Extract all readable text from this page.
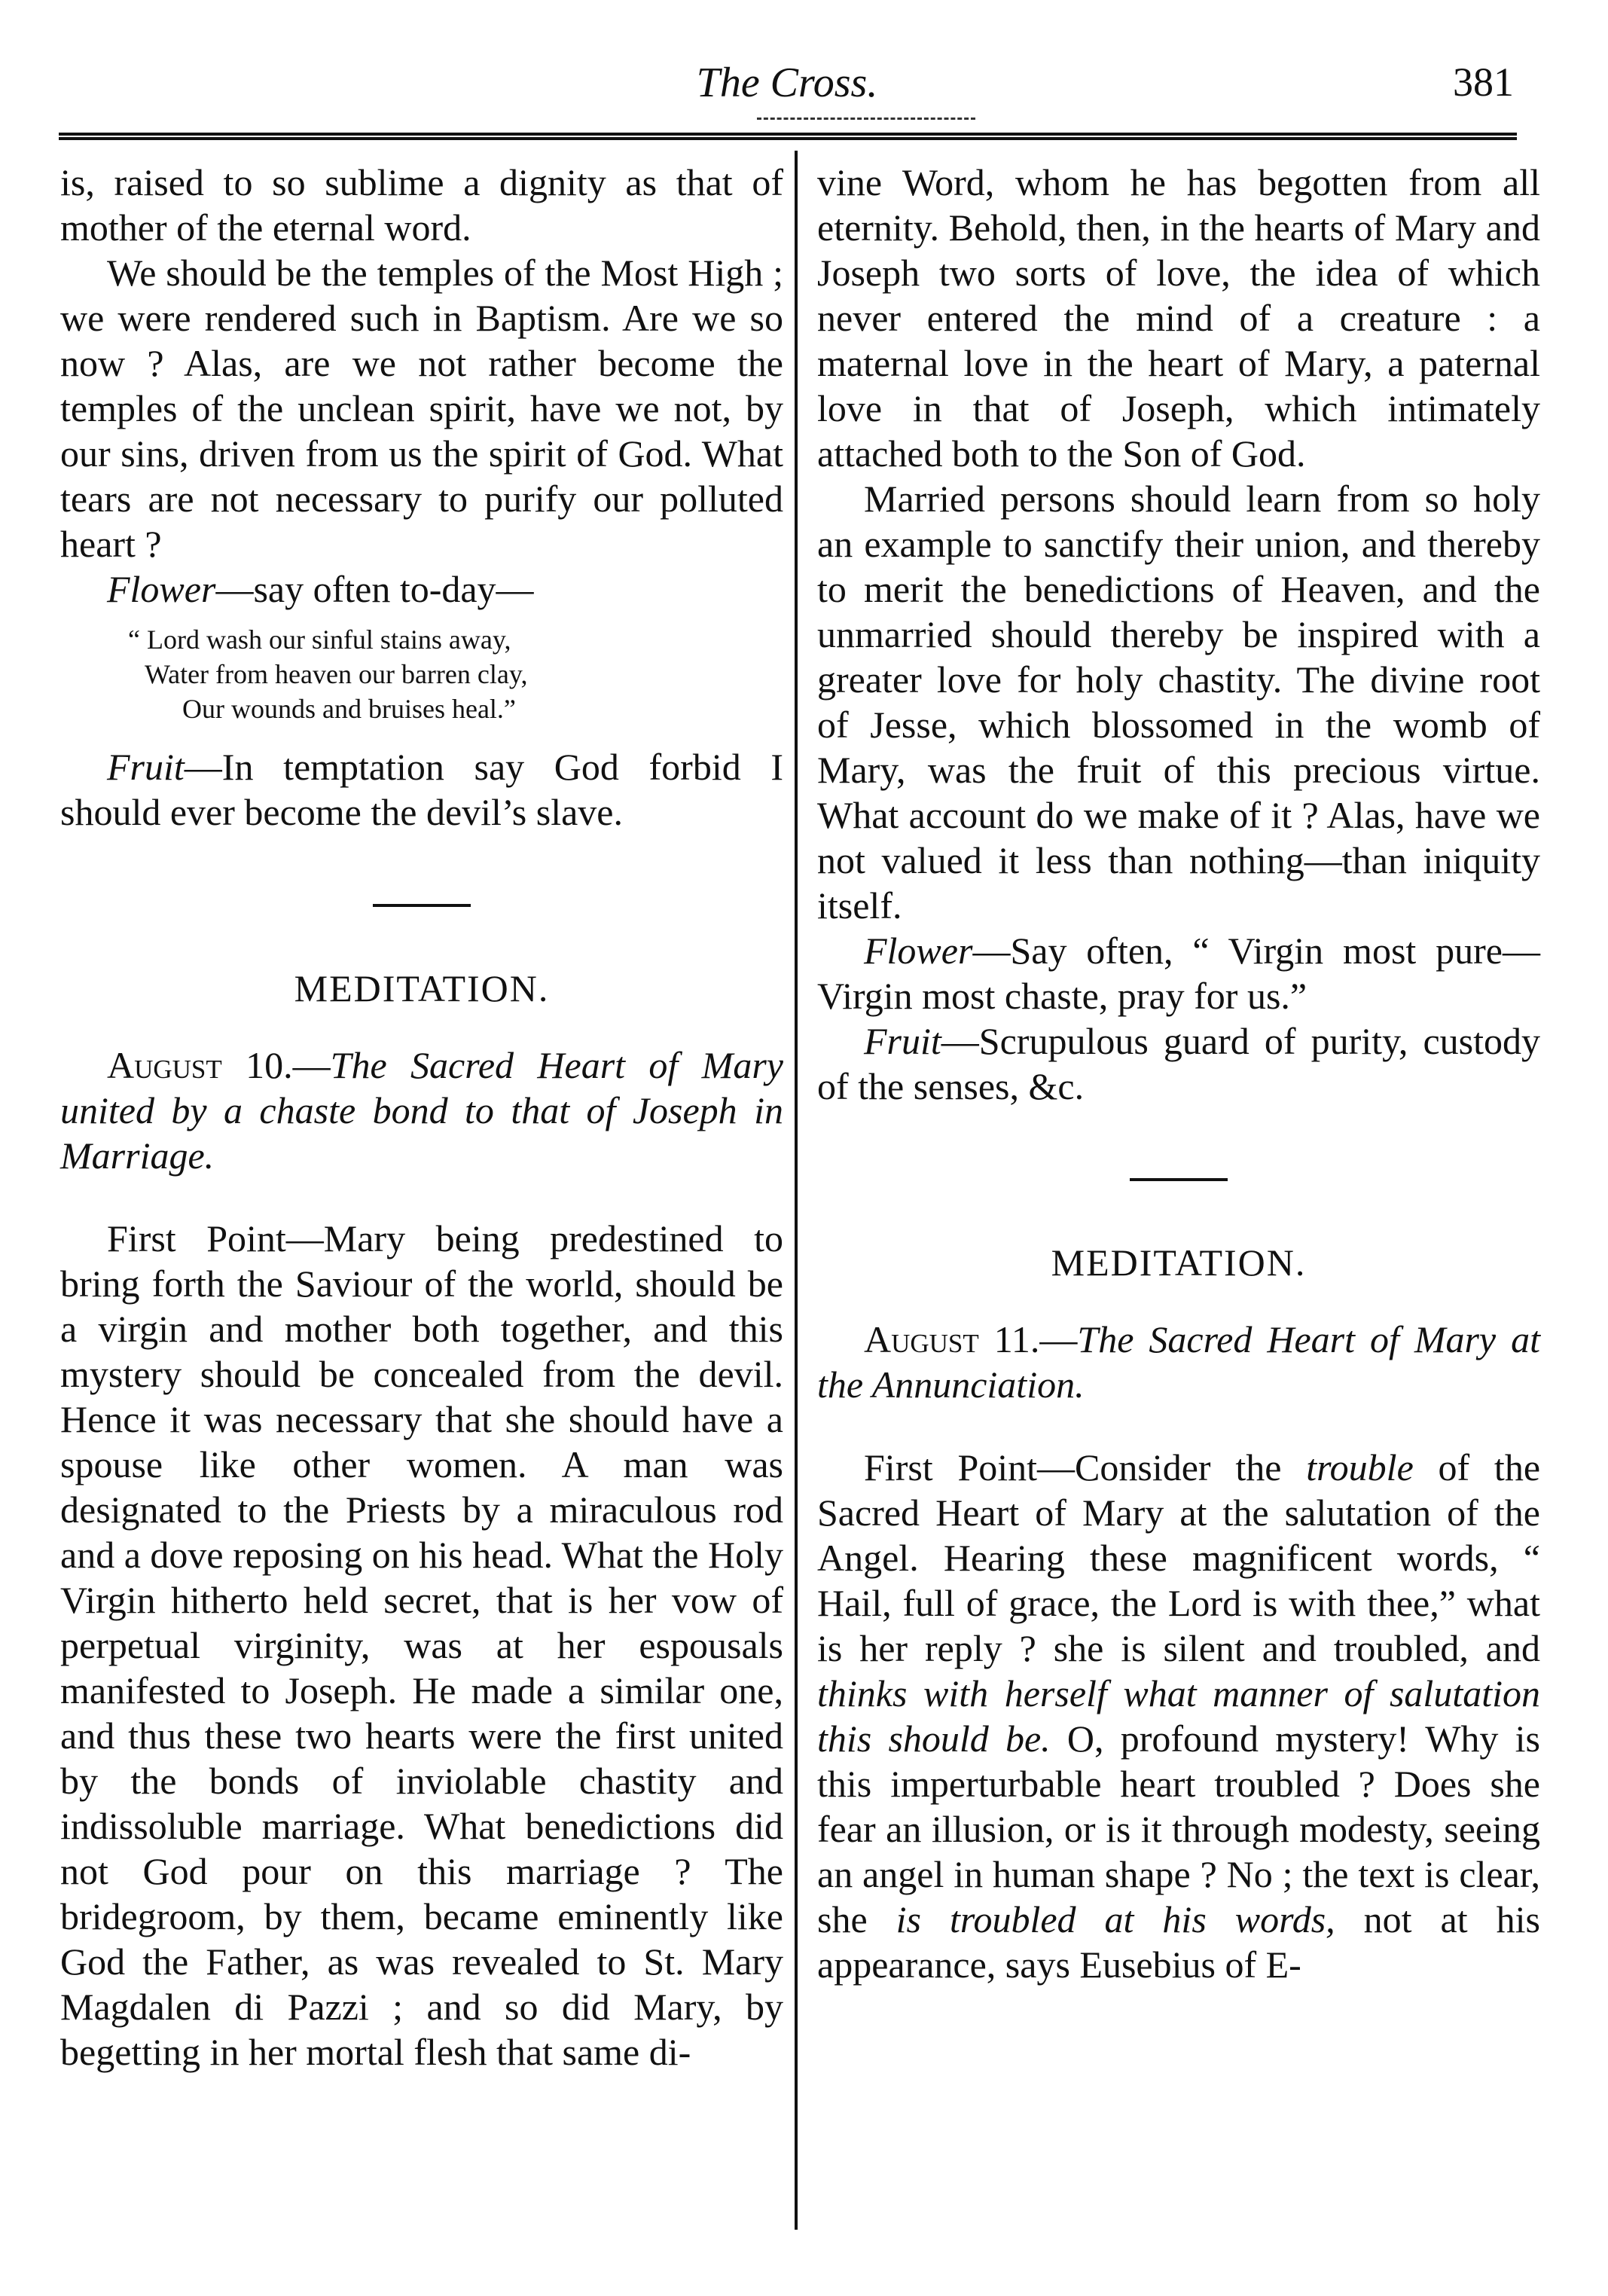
The Cross.	381

is, raised to so sublime a dignity as that of mother of the eternal word.

We should be the temples of the Most High ; we were rendered such in Baptism. Are we so now ? Alas, are we not rather become the temples of the unclean spirit, have we not, by our sins, driven from us the spirit of God. What tears are not necessary to purify our polluted heart ?

Flower—say often to-day—

“ Lord wash our sinful stains away,
Water from heaven our barren clay,
Our wounds and bruises heal.”

Fruit—In temptation say God forbid I should ever become the devil’s slave.

MEDITATION.

August 10.—The Sacred Heart of Mary united by a chaste bond to that of Joseph in Marriage.

First Point—Mary being predestined to bring forth the Saviour of the world, should be a virgin and mother both together, and this mystery should be concealed from the devil. Hence it was necessary that she should have a spouse like other women. A man was designated to the Priests by a miraculous rod and a dove reposing on his head. What the Holy Virgin hitherto held secret, that is her vow of perpetual virginity, was at her espousals manifested to Joseph. He made a similar one, and thus these two hearts were the first united by the bonds of inviolable chastity and indissoluble marriage. What benedictions did not God pour on this marriage ? The bridegroom, by them, became eminently like God the Father, as was revealed to St. Mary Magdalen di Pazzi ; and so did Mary, by begetting in her mortal flesh that same di-

vine Word, whom he has begotten from all eternity. Behold, then, in the hearts of Mary and Joseph two sorts of love, the idea of which never entered the mind of a creature : a maternal love in the heart of Mary, a paternal love in that of Joseph, which intimately attached both to the Son of God.

Married persons should learn from so holy an example to sanctify their union, and thereby to merit the benedictions of Heaven, and the unmarried should thereby be inspired with a greater love for holy chastity. The divine root of Jesse, which blossomed in the womb of Mary, was the fruit of this precious virtue. What account do we make of it ? Alas, have we not valued it less than nothing—than iniquity itself.

Flower—Say often, “ Virgin most pure—Virgin most chaste, pray for us.”

Fruit—Scrupulous guard of purity, custody of the senses, &c.

MEDITATION.

August 11.—The Sacred Heart of Mary at the Annunciation.

First Point—Consider the trouble of the Sacred Heart of Mary at the salutation of the Angel. Hearing these magnificent words, “ Hail, full of grace, the Lord is with thee,” what is her reply ? she is silent and troubled, and thinks with herself what manner of salutation this should be. O, profound mystery! Why is this imperturbable heart troubled ? Does she fear an illusion, or is it through modesty, seeing an angel in human shape ? No ; the text is clear, she is troubled at his words, not at his appearance, says Eusebius of E-
